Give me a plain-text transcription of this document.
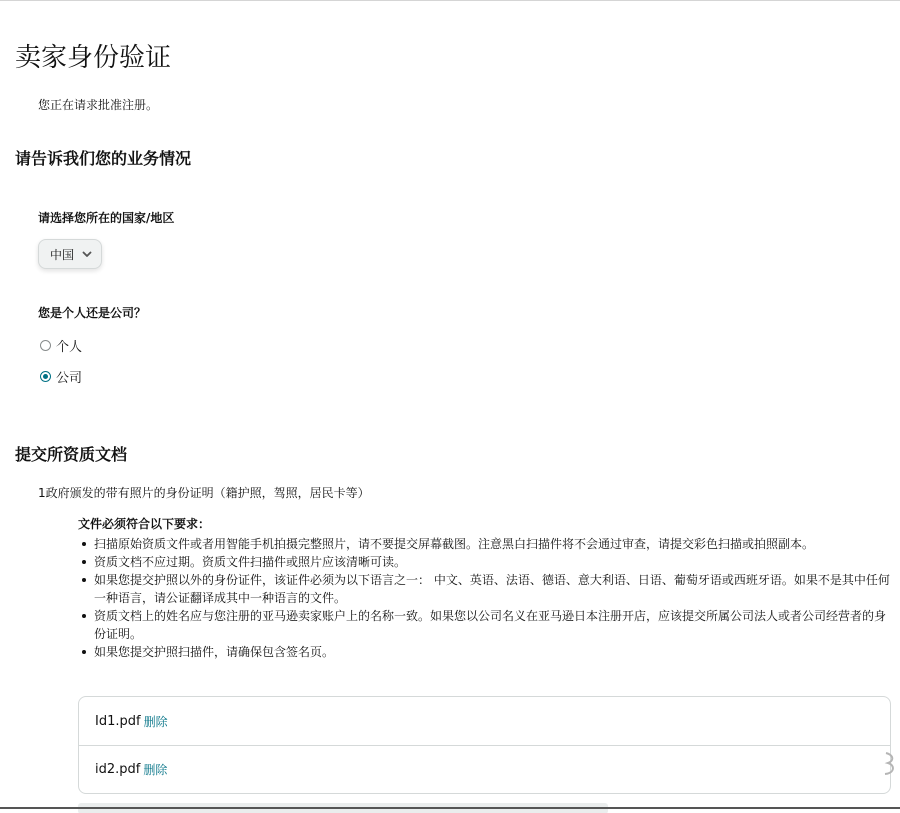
卖家身份验证
您正在请求批准注册。
请告诉我们您的业务情况
请选择您所在的国家/地区
中国
您是个人还是公司？
个人
公司
提交所资质文档
1政府颁发的带有照片的身份证明（籍护照，驾照，居民卡等）
文件必须符合以下要求：
扫描原始资质文件或者用智能手机拍摄完整照片，请不要提交屏幕截图。注意黑白扫描件将不会通过审查，请提交彩色扫描或拍照副本。
资质文档不应过期。资质文件扫描件或照片应该清晰可读。
如果您提交护照以外的身份证件，该证件必须为以下语言之一： 中文、英语、法语、德语、意大利语、日语、葡萄牙语或西班牙语。如果不是其中任何一种语言，请公证翻译成其中一种语言的文件。
资质文档上的姓名应与您注册的亚马逊卖家账户上的名称一致。如果您以公司名义在亚马逊日本注册开店，应该提交所属公司法人或者公司经营者的身份证明。
如果您提交护照扫描件，请确保包含签名页。
Id1.pdf 删除
id2.pdf 删除
